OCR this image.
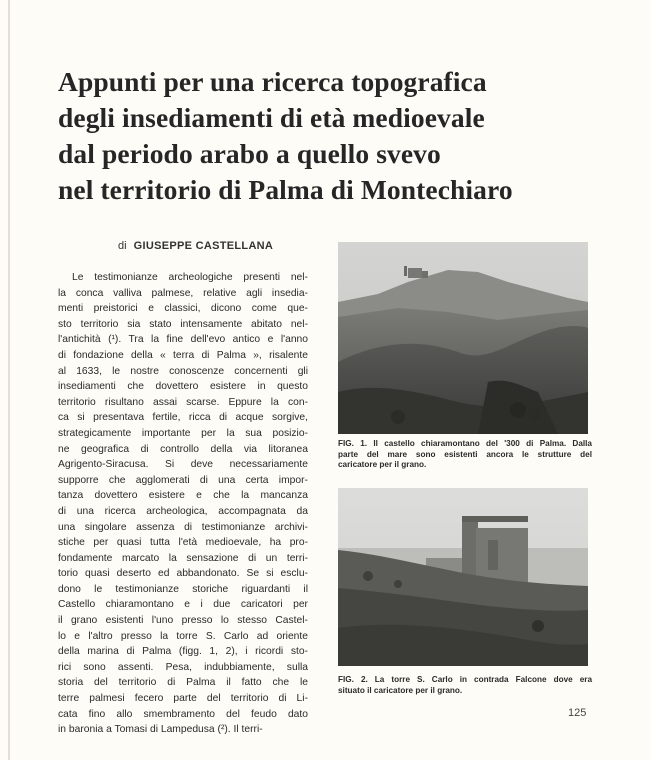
Appunti per una ricerca topografica
degli insediamenti di età medioevale
dal periodo arabo a quello svevo
nel territorio di Palma di Montechiaro
di GIUSEPPE CASTELLANA
Le testimonianze archeologiche presenti nel-
la conca valliva palmese, relative agli insedia-
menti preistorici e classici, dicono come que-
sto territorio sia stato intensamente abitato nel-
l'antichità (¹). Tra la fine dell'evo antico e l'anno
di fondazione della « terra di Palma », risalente
al 1633, le nostre conoscenze concernenti gli
insediamenti che dovettero esistere in questo
territorio risultano assai scarse. Eppure la con-
ca si presentava fertile, ricca di acque sorgive,
strategicamente importante per la sua posizio-
ne geografica di controllo della via litoranea
Agrigento-Siracusa. Si deve necessariamente
supporre che agglomerati di una certa impor-
tanza dovettero esistere e che la mancanza
di una ricerca archeologica, accompagnata da
una singolare assenza di testimonianze archivi-
stiche per quasi tutta l'età medioevale, ha pro-
fondamente marcato la sensazione di un terri-
torio quasi deserto ed abbandonato. Se si esclu-
dono le testimonianze storiche riguardanti il
Castello chiaramontano e i due caricatori per
il grano esistenti l'uno presso lo stesso Castel-
lo e l'altro presso la torre S. Carlo ad oriente
della marina di Palma (figg. 1, 2), i ricordi sto-
rici sono assenti. Pesa, indubbiamente, sulla
storia del territorio di Palma il fatto che le
terre palmesi fecero parte del territorio di Li-
cata fino allo smembramento del feudo dato
in baronia a Tomasi di Lampedusa (²). Il terri-
FIG. 1. Il castello chiaramontano del '300 di Palma. Dalla
parte del mare sono esistenti ancora le strutture del
caricatore per il grano.
FIG. 2. La torre S. Carlo in contrada Falcone dove era
situato il caricatore per il grano.
125
